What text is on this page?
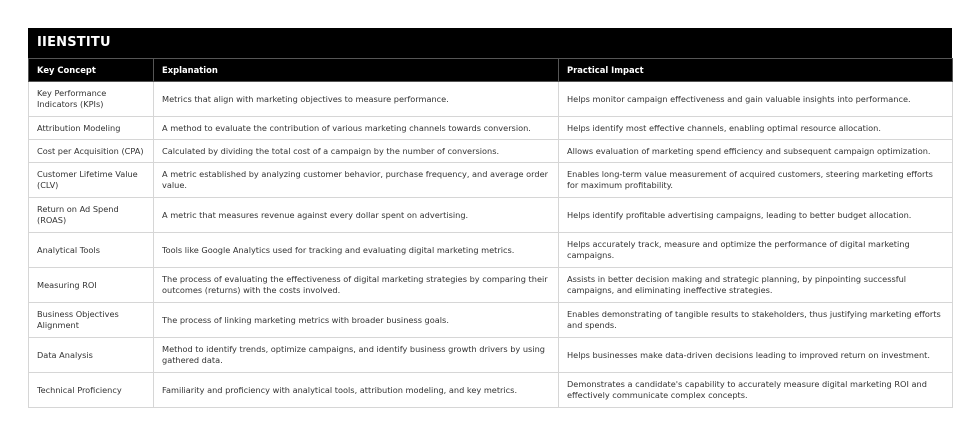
IIENSTITU
Key Concept	Explanation	Practical Impact
Key Performance Indicators (KPIs)	Metrics that align with marketing objectives to measure performance.	Helps monitor campaign effectiveness and gain valuable insights into performance.
Attribution Modeling	A method to evaluate the contribution of various marketing channels towards conversion.	Helps identify most effective channels, enabling optimal resource allocation.
Cost per Acquisition (CPA)	Calculated by dividing the total cost of a campaign by the number of conversions.	Allows evaluation of marketing spend efficiency and subsequent campaign optimization.
Customer Lifetime Value (CLV)	A metric established by analyzing customer behavior, purchase frequency, and average order value.	Enables long-term value measurement of acquired customers, steering marketing efforts for maximum profitability.
Return on Ad Spend (ROAS)	A metric that measures revenue against every dollar spent on advertising.	Helps identify profitable advertising campaigns, leading to better budget allocation.
Analytical Tools	Tools like Google Analytics used for tracking and evaluating digital marketing metrics.	Helps accurately track, measure and optimize the performance of digital marketing campaigns.
Measuring ROI	The process of evaluating the effectiveness of digital marketing strategies by comparing their outcomes (returns) with the costs involved.	Assists in better decision making and strategic planning, by pinpointing successful campaigns, and eliminating ineffective strategies.
Business Objectives Alignment	The process of linking marketing metrics with broader business goals.	Enables demonstrating of tangible results to stakeholders, thus justifying marketing efforts and spends.
Data Analysis	Method to identify trends, optimize campaigns, and identify business growth drivers by using gathered data.	Helps businesses make data-driven decisions leading to improved return on investment.
Technical Proficiency	Familiarity and proficiency with analytical tools, attribution modeling, and key metrics.	Demonstrates a candidate's capability to accurately measure digital marketing ROI and effectively communicate complex concepts.
